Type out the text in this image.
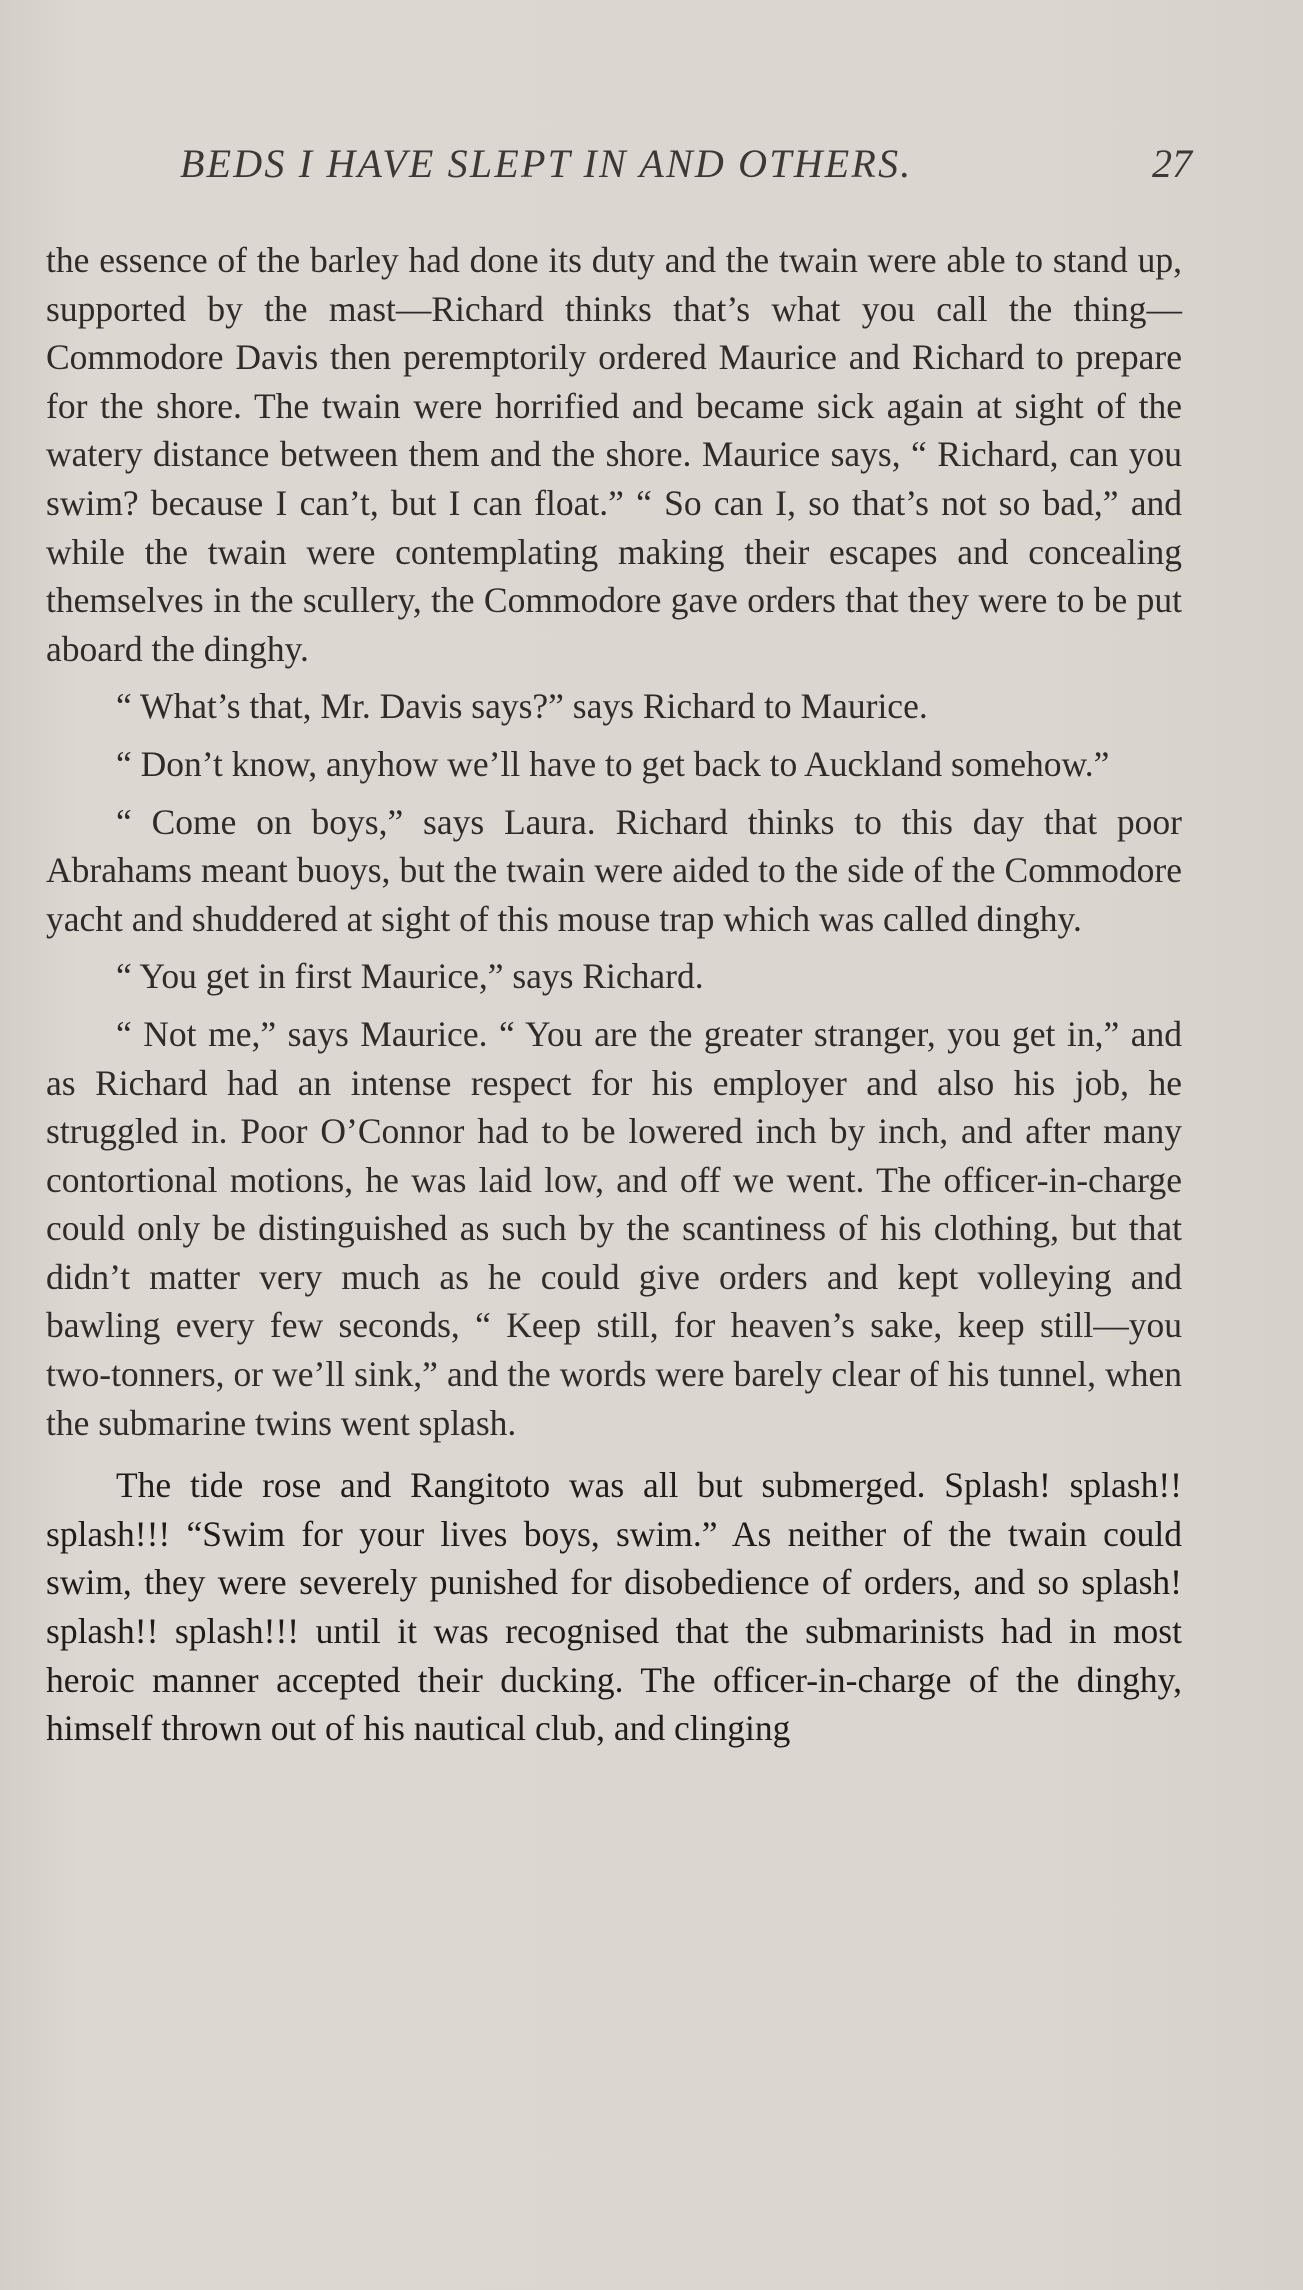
BEDS I HAVE SLEPT IN AND OTHERS.	27

the essence of the barley had done its duty and the twain were able to stand up, supported by the mast—Richard thinks that’s what you call the thing—Commodore Davis then peremptorily ordered Maurice and Richard to prepare for the shore. The twain were horrified and became sick again at sight of the watery distance between them and the shore. Maurice says, “ Richard, can you swim? because I can’t, but I can float.” “ So can I, so that’s not so bad,” and while the twain were contemplating making their escapes and concealing themselves in the scullery, the Commodore gave orders that they were to be put aboard the dinghy.

“ What’s that, Mr. Davis says?” says Richard to Maurice.

“ Don’t know, anyhow we’ll have to get back to Auckland somehow.”

“ Come on boys,” says Laura. Richard thinks to this day that poor Abrahams meant buoys, but the twain were aided to the side of the Commodore yacht and shuddered at sight of this mouse trap which was called dinghy.

“ You get in first Maurice,” says Richard.

“ Not me,” says Maurice. “ You are the greater stranger, you get in,” and as Richard had an intense respect for his employer and also his job, he struggled in. Poor O’Connor had to be lowered inch by inch, and after many contortional motions, he was laid low, and off we went. The officer-in-charge could only be distinguished as such by the scantiness of his clothing, but that didn’t matter very much as he could give orders and kept volleying and bawling every few seconds, “ Keep still, for heaven’s sake, keep still—you two-tonners, or we’ll sink,” and the words were barely clear of his tunnel, when the submarine twins went splash.

The tide rose and Rangitoto was all but submerged. Splash! splash!! splash!!! “Swim for your lives boys, swim.” As neither of the twain could swim, they were severely punished for disobedience of orders, and so splash! splash!! splash!!! until it was recognised that the submarinists had in most heroic manner accepted their ducking. The officer-in-charge of the dinghy, himself thrown out of his nautical club, and clinging
